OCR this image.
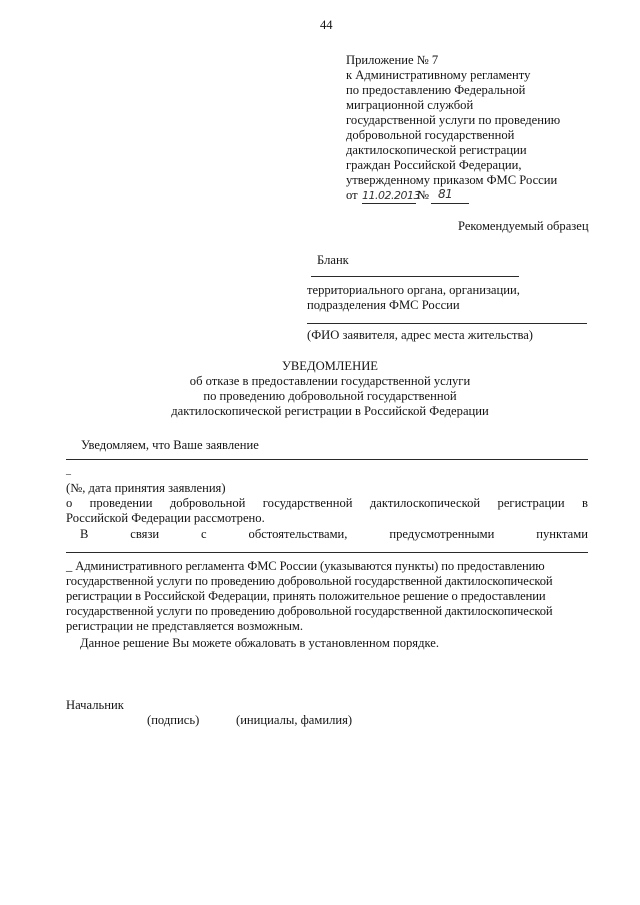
44
Приложение № 7
к Административному регламенту
по предоставлению Федеральной
миграционной службой
государственной услуги по проведению
добровольной государственной
дактилоскопической регистрации
граждан Российской Федерации,
утвержденному приказом ФМС России
от 11.02.2013
№ 81
Рекомендуемый образец
Бланк
территориального органа, организации,
подразделения ФМС России
(ФИО заявителя, адрес места жительства)
УВЕДОМЛЕНИЕ
об отказе в предоставлении государственной услуги
по проведению добровольной государственной
дактилоскопической регистрации в Российской Федерации
Уведомляем, что Ваше заявление
_
(№, дата принятия заявления)
о проведении добровольной государственной дактилоскопической регистрации в
Российской Федерации рассмотрено.
В	связи	с	обстоятельствами,	предусмотренными	пунктами
_ Административного регламента ФМС России (указываются пункты) по предоставлению
государственной услуги по проведению добровольной государственной дактилоскопической
регистрации в Российской Федерации, принять положительное решение о предоставлении
государственной услуги по проведению добровольной государственной дактилоскопической
регистрации не представляется возможным.
Данное решение Вы можете обжаловать в установленном порядке.
Начальник
(подпись)	(инициалы, фамилия)
